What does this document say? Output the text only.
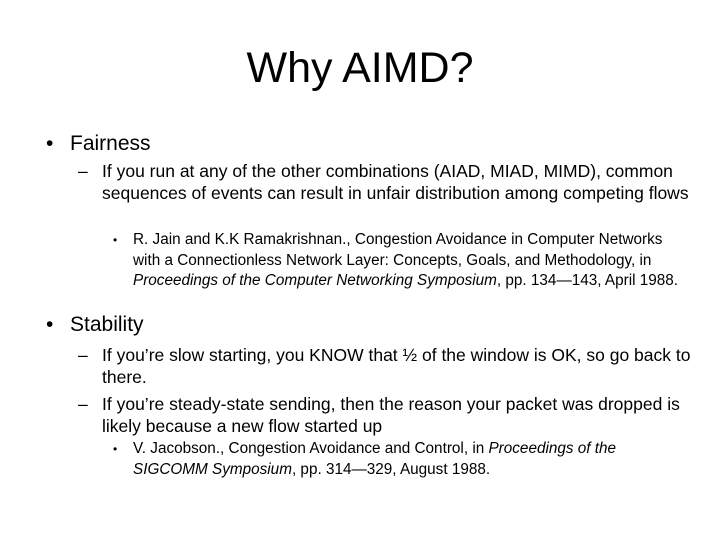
Why AIMD?
• Fairness

– If you run at any of the other combinations (AIAD, MIAD, MIMD), common sequences of events can result in unfair distribution among competing flows

• R. Jain and K.K Ramakrishnan., Congestion Avoidance in Computer Networks with a Connectionless Network Layer: Concepts, Goals, and Methodology, in Proceedings of the Computer Networking Symposium, pp. 134—143, April 1988.

• Stability

– If you’re slow starting, you KNOW that ½ of the window is OK, so go back to there.

– If you’re steady-state sending, then the reason your packet was dropped is likely because a new flow started up

• V. Jacobson., Congestion Avoidance and Control, in Proceedings of the SIGCOMM Symposium, pp. 314—329, August 1988.
